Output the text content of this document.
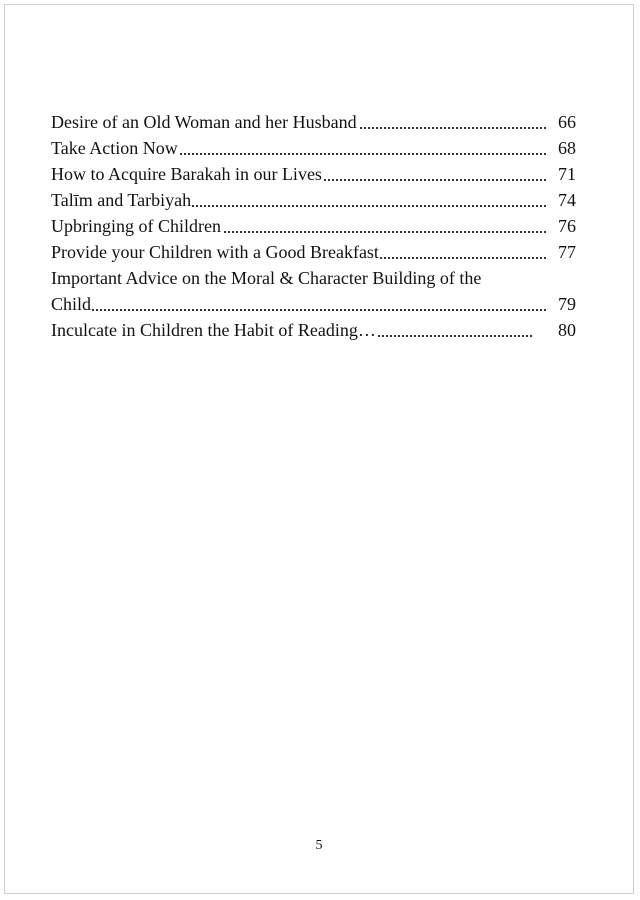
Desire of an Old Woman and her Husband	66
Take Action Now	68
How to Acquire Barakah in our Lives	71
Talīm and Tarbiyah	74
Upbringing of Children	76
Provide your Children with a Good Breakfast	77
Important Advice on the Moral & Character Building of the
Child	79
Inculcate in Children the Habit of Reading…	80
5
